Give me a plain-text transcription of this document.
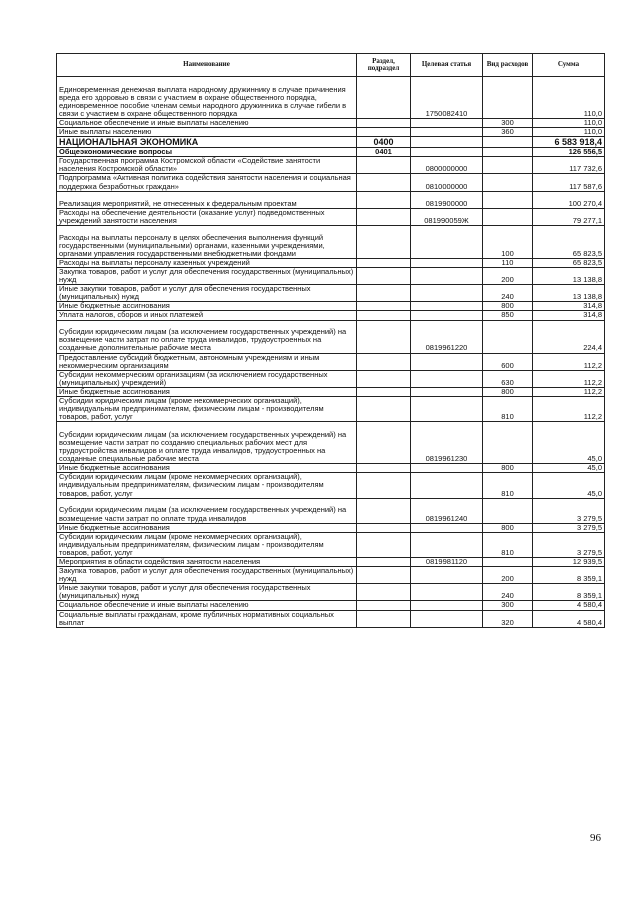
Наименование	Раздел, подраздел	Целевая статья	Вид расходов	Сумма
Единовременная денежная выплата народному дружиннику в случае причинения вреда его здоровью в связи с участием в охране общественного порядка, единовременное пособие членам семьи народного дружинника в случае гибели в связи с участием в охране общественного порядка		1750082410		110,0
Социальное обеспечение и иные выплаты населению			300	110,0
Иные выплаты населению			360	110,0
НАЦИОНАЛЬНАЯ ЭКОНОМИКА	0400			6 583 918,4
Общеэкономические вопросы	0401			126 556,5
Государственная программа Костромской области «Содействие занятости населения Костромской области»		0800000000		117 732,6
Подпрограмма «Активная политика содействия занятости населения и социальная поддержка безработных граждан»		0810000000		117 587,6
Реализация мероприятий, не отнесенных к федеральным проектам		0819900000		100 270,4
Расходы на обеспечение деятельности (оказание услуг) подведомственных учреждений занятости населения		081990059Ж		79 277,1
Расходы на выплаты персоналу в целях обеспечения выполнения функций государственными (муниципальными) органами, казенными учреждениями, органами управления государственными внебюджетными фондами			100	65 823,5
Расходы на выплаты персоналу казенных учреждений			110	65 823,5
Закупка товаров, работ и услуг для обеспечения государственных (муниципальных) нужд			200	13 138,8
Иные закупки товаров, работ и услуг для обеспечения государственных (муниципальных) нужд			240	13 138,8
Иные бюджетные ассигнования			800	314,8
Уплата налогов, сборов и иных платежей			850	314,8
Субсидии юридическим лицам (за исключением государственных учреждений) на возмещение части затрат по оплате труда инвалидов, трудоустроенных на созданные дополнительные рабочие места		0819961220		224,4
Предоставление субсидий бюджетным, автономным учреждениям и иным некоммерческим организациям			600	112,2
Субсидии некоммерческим организациям (за исключением государственных (муниципальных) учреждений)			630	112,2
Иные бюджетные ассигнования			800	112,2
Субсидии юридическим лицам (кроме некоммерческих организаций), индивидуальным предпринимателям, физическим лицам - производителям товаров, работ, услуг			810	112,2
Субсидии юридическим лицам (за исключением государственных учреждений) на возмещение части затрат по созданию специальных рабочих мест для трудоустройства инвалидов и оплате труда инвалидов, трудоустроенных на созданные специальные рабочие места		0819961230		45,0
Иные бюджетные ассигнования			800	45,0
Субсидии юридическим лицам (кроме некоммерческих организаций), индивидуальным предпринимателям, физическим лицам - производителям товаров, работ, услуг			810	45,0
Субсидии юридическим лицам (за исключением государственных учреждений) на возмещение части затрат по оплате труда инвалидов		0819961240		3 279,5
Иные бюджетные ассигнования			800	3 279,5
Субсидии юридическим лицам (кроме некоммерческих организаций), индивидуальным предпринимателям, физическим лицам - производителям товаров, работ, услуг			810	3 279,5
Мероприятия в области содействия занятости населения		0819981120		12 939,5
Закупка товаров, работ и услуг для обеспечения государственных (муниципальных) нужд			200	8 359,1
Иные закупки товаров, работ и услуг для обеспечения государственных (муниципальных) нужд			240	8 359,1
Социальное обеспечение и иные выплаты населению			300	4 580,4
Социальные выплаты гражданам, кроме публичных нормативных социальных выплат			320	4 580,4
96
